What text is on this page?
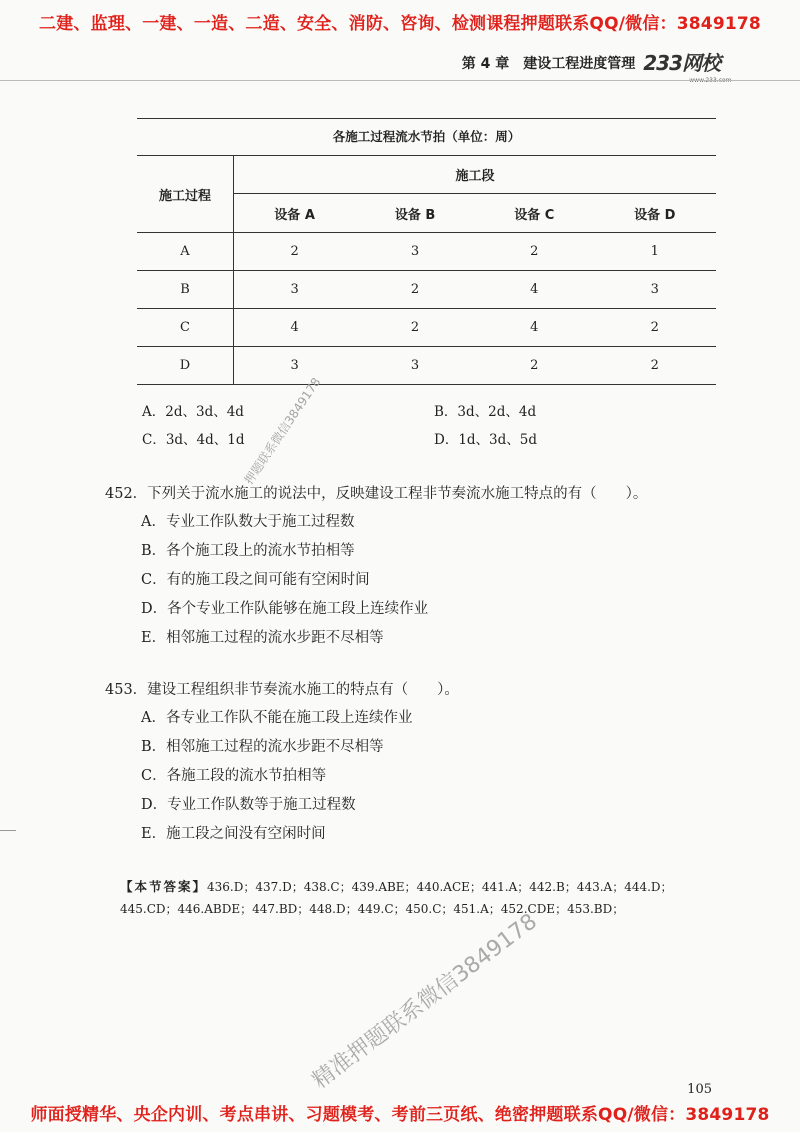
二建、监理、一建、一造、二造、安全、消防、咨询、检测课程押题联系QQ/微信：3849178
第 4 章　建设工程进度管理 233网校
www.233.com
各施工过程流水节拍（单位：周）
施工过程	施工段			
	设备 A	设备 B	设备 C	设备 D
A	2	3	2	1
B	3	2	4	3
C	4	2	4	2
D	3	3	2	2
A．2d、3d、4d	B．3d、2d、4d
C．3d、4d、1d	D．1d、3d、5d
452．下列关于流水施工的说法中，反映建设工程非节奏流水施工特点的有（　　）。
A．专业工作队数大于施工过程数
B．各个施工段上的流水节拍相等
C．有的施工段之间可能有空闲时间
D．各个专业工作队能够在施工段上连续作业
E．相邻施工过程的流水步距不尽相等
453．建设工程组织非节奏流水施工的特点有（　　）。
A．各专业工作队不能在施工段上连续作业
B．相邻施工过程的流水步距不尽相等
C．各施工段的流水节拍相等
D．专业工作队数等于施工过程数
E．施工段之间没有空闲时间
【本节答案】436.D；437.D；438.C；439.ABE；440.ACE；441.A；442.B；443.A；444.D；445.CD；446.ABDE；447.BD；448.D；449.C；450.C；451.A；452.CDE；453.BD；
押题联系微信3849178
精准押题联系微信3849178	105
师面授精华、央企内训、考点串讲、习题模考、考前三页纸、绝密押题联系QQ/微信：3849178
